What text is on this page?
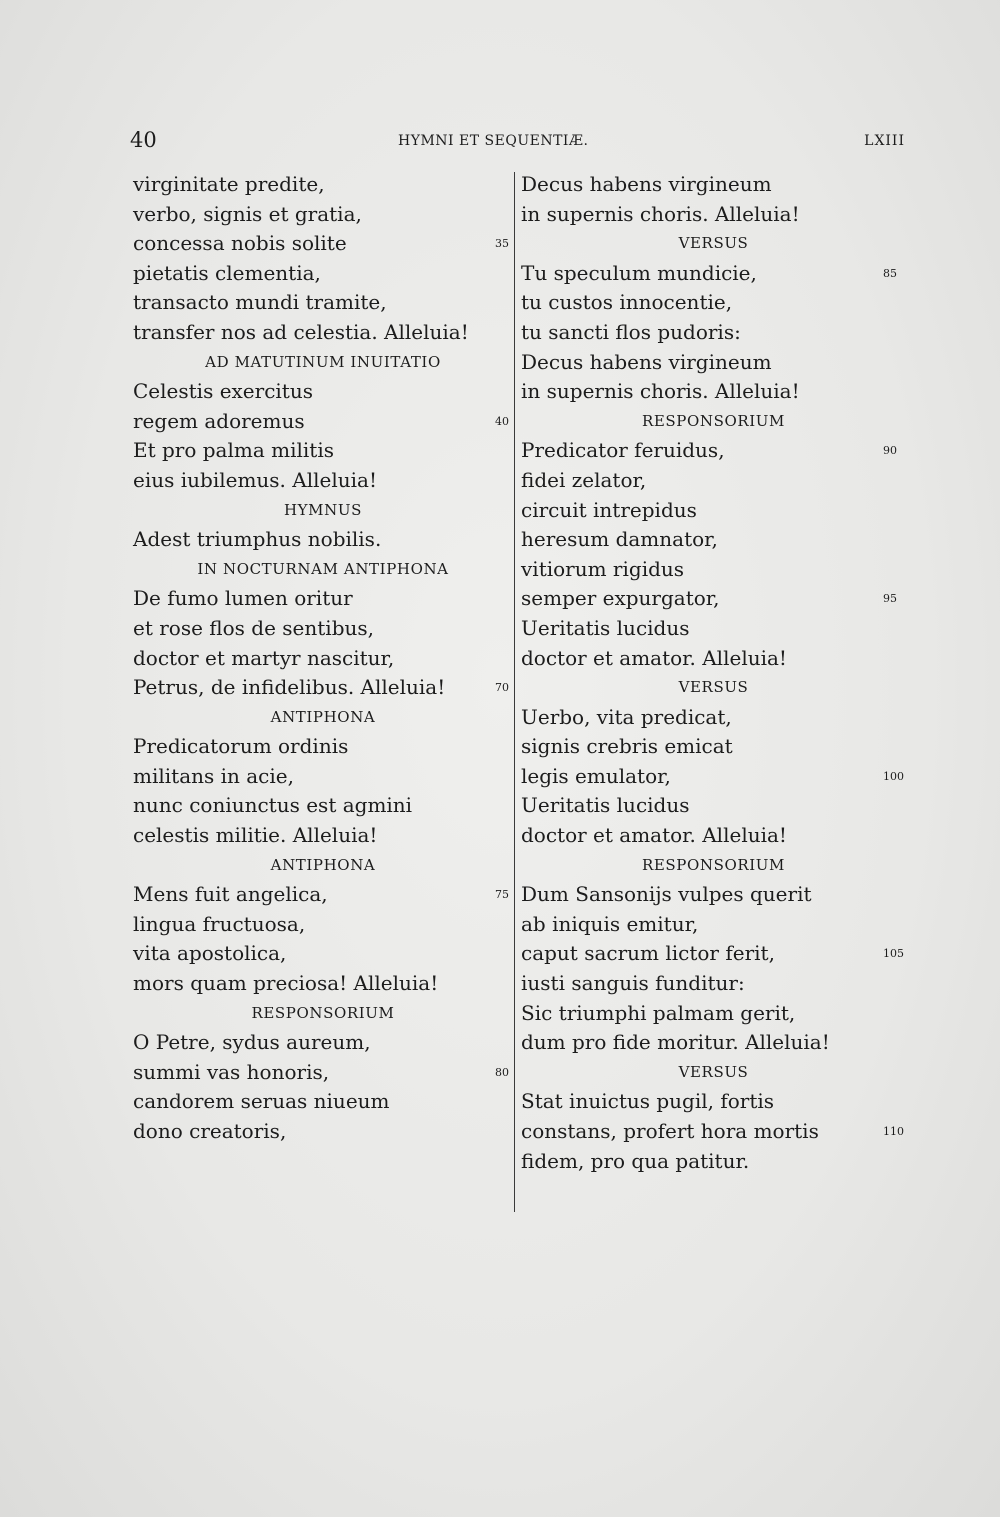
40	HYMNI ET SEQUENTIÆ.	LXIII
virginitate predite,
verbo, signis et gratia,
concessa nobis solite	35
pietatis clementia,
transacto mundi tramite,
transfer nos ad celestia. Alleluia!
AD MATUTINUM INUITATIO
Celestis exercitus
regem adoremus	40
Et pro palma militis
eius iubilemus. Alleluia!
HYMNUS
Adest triumphus nobilis.
IN NOCTURNAM ANTIPHONA
De fumo lumen oritur
et rose flos de sentibus,
doctor et martyr nascitur,
Petrus, de infidelibus. Alleluia!	70
ANTIPHONA
Predicatorum ordinis
militans in acie,
nunc coniunctus est agmini
celestis militie. Alleluia!
ANTIPHONA
Mens fuit angelica,	75
lingua fructuosa,
vita apostolica,
mors quam preciosa! Alleluia!
RESPONSORIUM
O Petre, sydus aureum,
summi vas honoris,	80
candorem seruas niueum
dono creatoris,
Decus habens virgineum
in supernis choris. Alleluia!
VERSUS
Tu speculum mundicie,	85
tu custos innocentie,
tu sancti flos pudoris:
Decus habens virgineum
in supernis choris. Alleluia!
RESPONSORIUM
Predicator feruidus,	90
fidei zelator,
circuit intrepidus
heresum damnator,
vitiorum rigidus
semper expurgator,	95
Ueritatis lucidus
doctor et amator. Alleluia!
VERSUS
Uerbo, vita predicat,
signis crebris emicat
legis emulator,	100
Ueritatis lucidus
doctor et amator. Alleluia!
RESPONSORIUM
Dum Sansonijs vulpes querit
ab iniquis emitur,
caput sacrum lictor ferit,	105
iusti sanguis funditur:
Sic triumphi palmam gerit,
dum pro fide moritur. Alleluia!
VERSUS
Stat inuictus pugil, fortis
constans, profert hora mortis	110
fidem, pro qua patitur.
